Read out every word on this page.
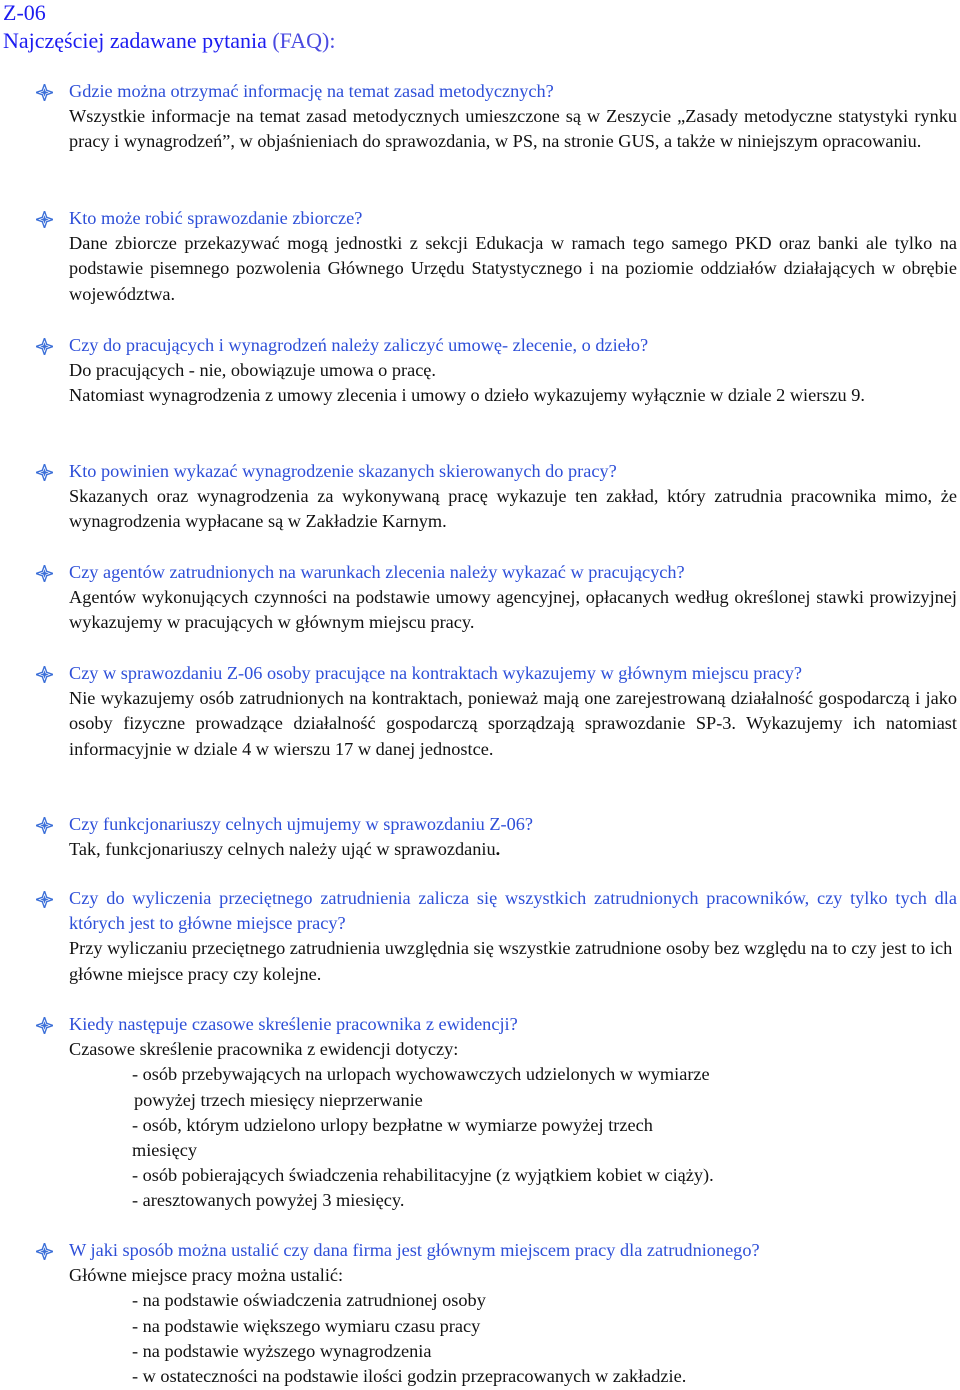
Z-06
Najczęściej zadawane pytania (FAQ):
Gdzie można otrzymać informację na temat zasad metodycznych?
Wszystkie informacje na temat zasad metodycznych umieszczone są w Zeszycie „Zasady metodyczne statystyki rynku pracy i wynagrodzeń”, w objaśnieniach do sprawozdania, w PS, na stronie GUS, a także w niniejszym opracowaniu.
Kto może robić sprawozdanie zbiorcze?
Dane zbiorcze przekazywać mogą jednostki z sekcji Edukacja w ramach tego samego PKD oraz banki ale tylko na podstawie pisemnego pozwolenia Głównego Urzędu Statystycznego i na poziomie oddziałów działających w obrębie województwa.
Czy do pracujących i wynagrodzeń należy zaliczyć umowę- zlecenie, o dzieło?
Do pracujących - nie, obowiązuje umowa o pracę.
Natomiast wynagrodzenia z umowy zlecenia i umowy o dzieło wykazujemy wyłącznie w dziale 2 wierszu 9.
Kto powinien wykazać wynagrodzenie skazanych skierowanych do pracy?
Skazanych oraz wynagrodzenia za wykonywaną pracę wykazuje ten zakład, który zatrudnia pracownika mimo, że wynagrodzenia wypłacane są w Zakładzie Karnym.
Czy agentów zatrudnionych na warunkach zlecenia należy wykazać w pracujących?
Agentów wykonujących czynności na podstawie umowy agencyjnej, opłacanych według określonej stawki prowizyjnej wykazujemy w pracujących w głównym miejscu pracy.
Czy w sprawozdaniu Z-06 osoby pracujące na kontraktach wykazujemy w głównym miejscu pracy?
Nie wykazujemy osób zatrudnionych na kontraktach, ponieważ mają one zarejestrowaną działalność gospodarczą i jako osoby fizyczne prowadzące działalność gospodarczą sporządzają sprawozdanie SP-3. Wykazujemy ich natomiast informacyjnie w dziale 4 w wierszu 17 w danej jednostce.
Czy funkcjonariuszy celnych ujmujemy w sprawozdaniu Z-06?
Tak, funkcjonariuszy celnych należy ująć w sprawozdaniu.
Czy do wyliczenia przeciętnego zatrudnienia zalicza się wszystkich zatrudnionych pracowników, czy tylko tych dla których jest to główne miejsce pracy?
Przy wyliczaniu przeciętnego zatrudnienia uwzględnia się wszystkie zatrudnione osoby bez względu na to czy jest to ich główne miejsce pracy czy kolejne.
Kiedy następuje czasowe skreślenie pracownika z ewidencji?
Czasowe skreślenie pracownika z ewidencji dotyczy:
- osób przebywających na urlopach wychowawczych udzielonych w wymiarze
powyżej trzech miesięcy nieprzerwanie
- osób, którym udzielono urlopy bezpłatne w wymiarze powyżej trzech
miesięcy
- osób pobierających świadczenia rehabilitacyjne (z wyjątkiem kobiet w ciąży).
- aresztowanych powyżej 3 miesięcy.
W jaki sposób można ustalić czy dana firma jest głównym miejscem pracy dla zatrudnionego?
Główne miejsce pracy można ustalić:
- na podstawie oświadczenia zatrudnionej osoby
- na podstawie większego wymiaru czasu pracy
- na podstawie wyższego wynagrodzenia
- w ostateczności na podstawie ilości godzin przepracowanych w zakładzie.
